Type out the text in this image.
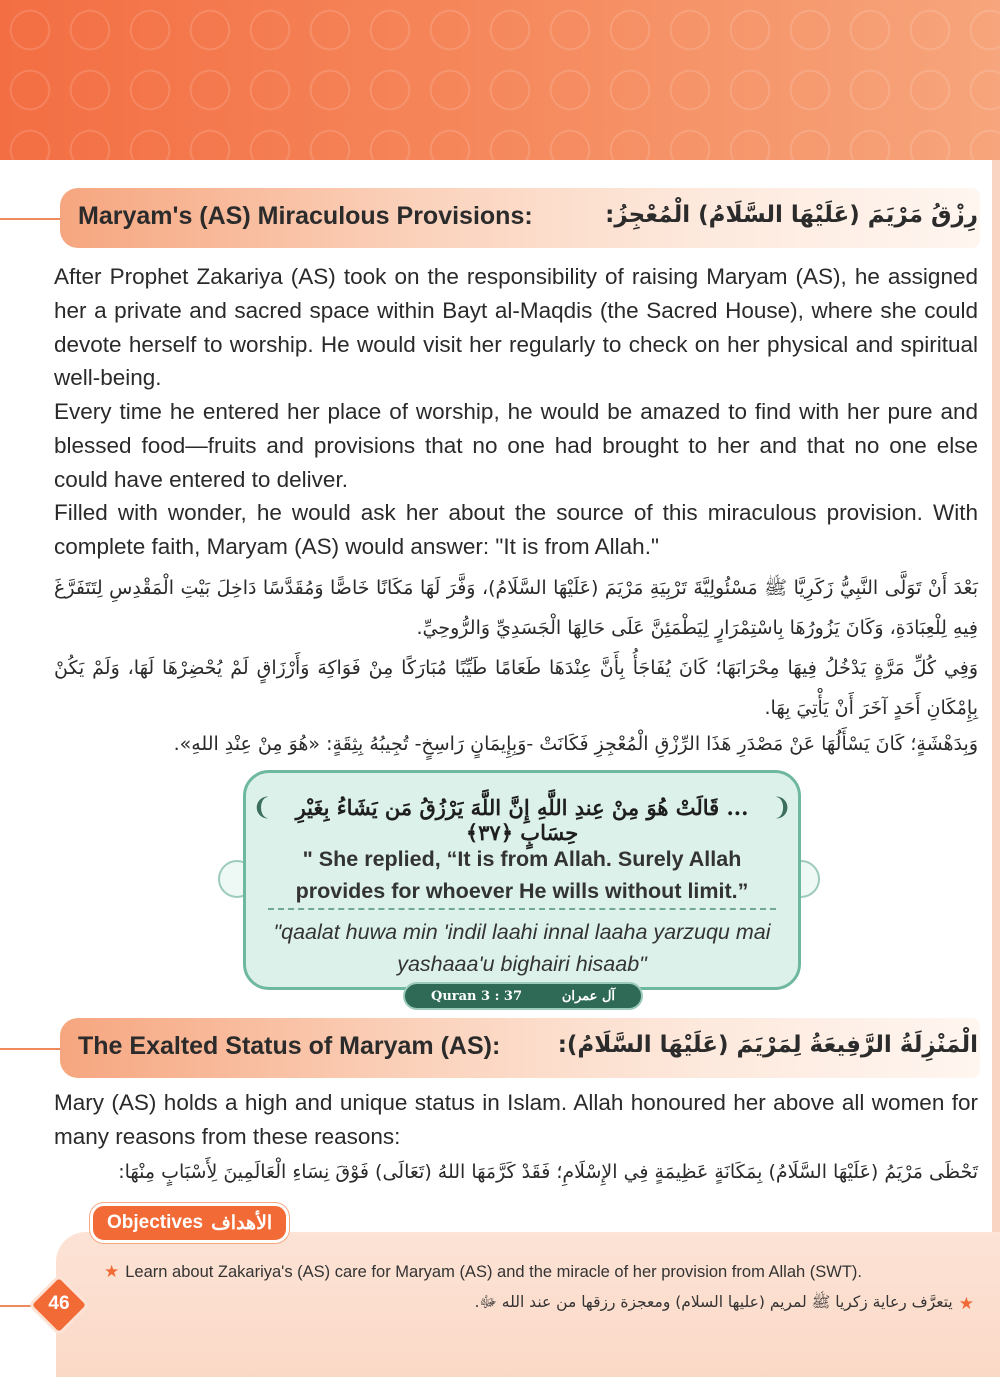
Maryam's (AS) Miraculous Provisions:	رِزْقُ مَرْيَمَ (عَلَيْهَا السَّلَامُ) الْمُعْجِزُ:

After Prophet Zakariya (AS) took on the responsibility of raising Maryam (AS), he assigned her a private and sacred space within Bayt al-Maqdis (the Sacred House), where she could devote herself to worship. He would visit her regularly to check on her physical and spiritual well-being.

Every time he entered her place of worship, he would be amazed to find with her pure and blessed food—fruits and provisions that no one had brought to her and that no one else could have entered to deliver.

Filled with wonder, he would ask her about the source of this miraculous provision. With complete faith, Maryam (AS) would answer: "It is from Allah."

بَعْدَ أَنْ تَوَلَّى النَّبِيُّ زَكَرِيَّا ﷺ مَسْئُولِيَّةَ تَرْبِيَةِ مَرْيَمَ (عَلَيْهَا السَّلَامُ)، وَفَّرَ لَهَا مَكَانًا خَاصًّا وَمُقَدَّسًا دَاخِلَ بَيْتِ الْمَقْدِسِ لِتَتَفَرَّغَ فِيهِ لِلْعِبَادَةِ، وَكَانَ يَزُورُهَا بِاسْتِمْرَارٍ لِيَطْمَئِنَّ عَلَى حَالِهَا الْجَسَدِيِّ وَالرُّوحِيِّ.

وَفِي كُلِّ مَرَّةٍ يَدْخُلُ فِيهَا مِحْرَابَهَا؛ كَانَ يُفَاجَأُ بِأَنَّ عِنْدَهَا طَعَامًا طَيِّبًا مُبَارَكًا مِنْ فَوَاكِهَ وَأَرْزَاقٍ لَمْ يُحْضِرْهَا لَهَا، وَلَمْ يَكُنْ بِإِمْكَانِ أَحَدٍ آخَرَ أَنْ يَأْتِيَ بِهَا.

وَبِدَهْشَةٍ؛ كَانَ يَسْأَلُهَا عَنْ مَصْدَرِ هَذَا الرِّزْقِ الْمُعْجِزِ فَكَانَتْ -وَبِإِيمَانٍ رَاسِخٍ- تُجِيبُهُ بِثِقَةٍ: «هُوَ مِنْ عِنْدِ اللهِ».

❨	❩
... قَالَتْ هُوَ مِنْ عِندِ اللَّهِ إِنَّ اللَّهَ يَرْزُقُ مَن يَشَاءُ بِغَيْرِ حِسَابٍ ﴿٣٧﴾
" She replied, “It is from Allah. Surely Allah provides for whoever He wills without limit.”
"qaalat huwa min 'indil laahi innal laaha yarzuqu mai yashaaa'u bighairi hisaab"
Quran 3 : 37	آل عمران
The Exalted Status of Maryam (AS): الْمَنْزِلَةُ الرَّفِيعَةُ لِمَرْيَمَ (عَلَيْهَا السَّلَامُ):

Mary (AS) holds a high and unique status in Islam. Allah honoured her above all women for many reasons from these reasons:

تَحْظَى مَرْيَمُ (عَلَيْهَا السَّلَامُ) بِمَكَانَةٍ عَظِيمَةٍ فِي الإِسْلَامِ؛ فَقَدْ كَرَّمَهَا اللهُ (تَعَالَى) فَوْقَ نِسَاءِ الْعَالَمِينَ لِأَسْبَابٍ مِنْهَا:

Objectives الأهداف
★ Learn about Zakariya's (AS) care for Maryam (AS) and the miracle of her provision from Allah (SWT).
★
يتعرَّف رعاية زكريا ﷺ لمريم (عليها السلام) ومعجزة رزقها من عند الله ﷻ.
46
